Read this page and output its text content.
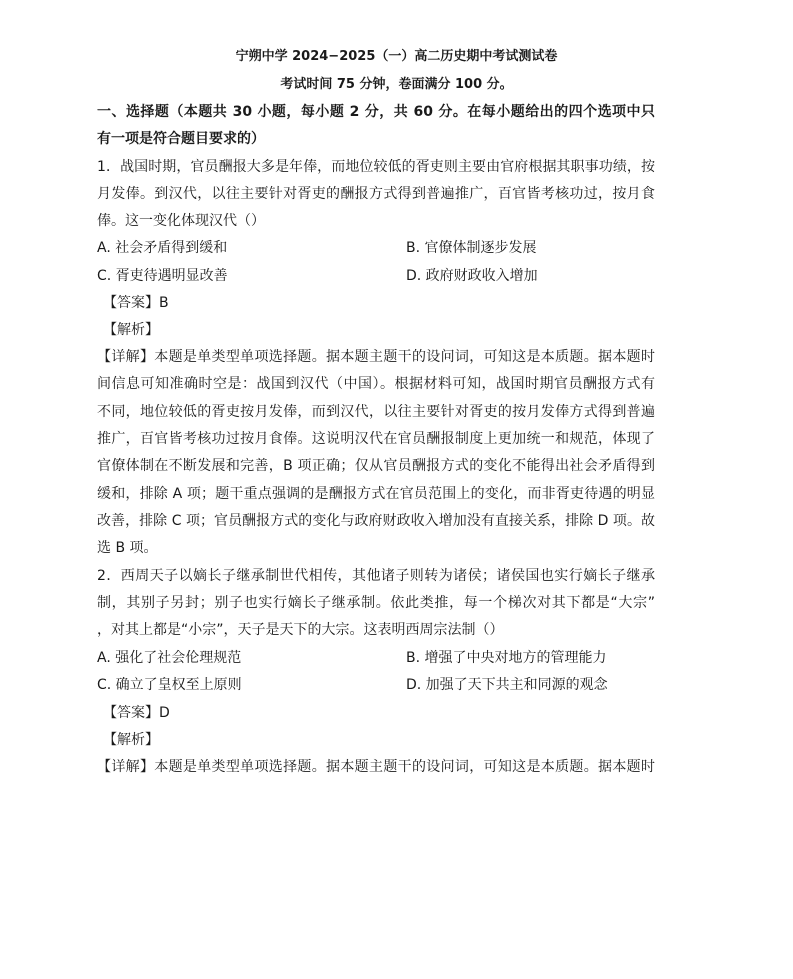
宁朔中学 2024−2025（一）高二历史期中考试测试卷
考试时间 75 分钟，卷面满分 100 分。
一、选择题（本题共 30 小题，每小题 2 分，共 60 分。在每小题给出的四个选项中只
有一项是符合题目要求的）
1．战国时期，官员酬报大多是年俸，而地位较低的胥吏则主要由官府根据其职事功绩，按
月发俸。到汉代，以往主要针对胥吏的酬报方式得到普遍推广，百官皆考核功过，按月食
俸。这一变化体现汉代（）
A. 社会矛盾得到缓和	B. 官僚体制逐步发展
C. 胥吏待遇明显改善	D. 政府财政收入增加
【答案】B
【解析】
【详解】本题是单类型单项选择题。据本题主题干的设问词，可知这是本质题。据本题时
间信息可知准确时空是：战国到汉代（中国）。根据材料可知，战国时期官员酬报方式有
不同，地位较低的胥吏按月发俸，而到汉代，以往主要针对胥吏的按月发俸方式得到普遍
推广，百官皆考核功过按月食俸。这说明汉代在官员酬报制度上更加统一和规范，体现了
官僚体制在不断发展和完善，B 项正确；仅从官员酬报方式的变化不能得出社会矛盾得到
缓和，排除 A 项；题干重点强调的是酬报方式在官员范围上的变化，而非胥吏待遇的明显
改善，排除 C 项；官员酬报方式的变化与政府财政收入增加没有直接关系，排除 D 项。故
选 B 项。
2．西周天子以嫡长子继承制世代相传，其他诸子则转为诸侯；诸侯国也实行嫡长子继承
制，其别子另封；别子也实行嫡长子继承制。依此类推，每一个梯次对其下都是“大宗”
，对其上都是“小宗”，天子是天下的大宗。这表明西周宗法制（）
A. 强化了社会伦理规范	B. 增强了中央对地方的管理能力
C. 确立了皇权至上原则	D. 加强了天下共主和同源的观念
【答案】D
【解析】
【详解】本题是单类型单项选择题。据本题主题干的设问词，可知这是本质题。据本题时
